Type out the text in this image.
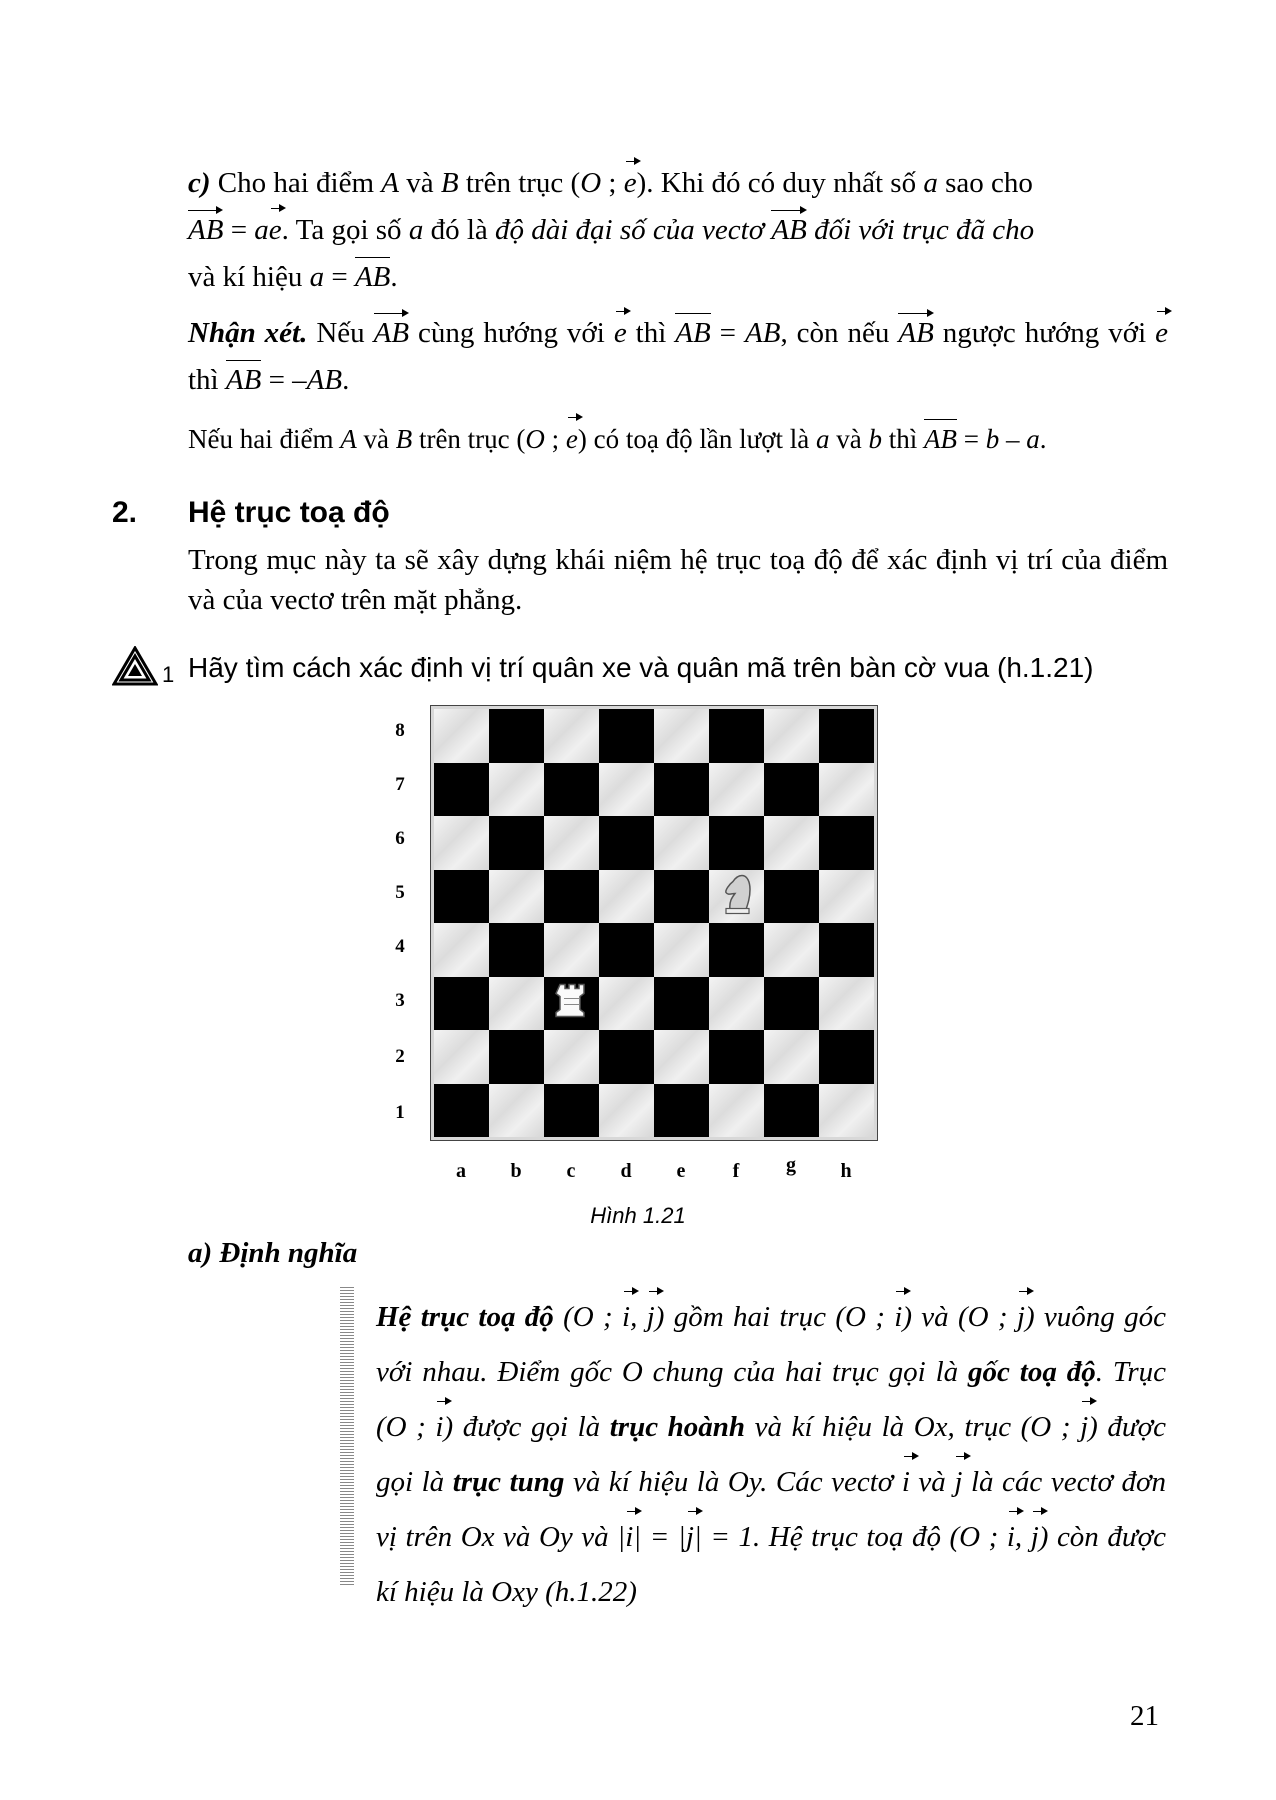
c) Cho hai điểm A và B trên trục (O ; e). Khi đó có duy nhất số a sao cho
AB = ae. Ta gọi số a đó là độ dài đại số của vectơ AB đối với trục đã cho
và kí hiệu a = AB.
Nhận xét. Nếu AB cùng hướng với e thì AB = AB, còn nếu AB ngược hướng với e thì AB = –AB.
Nếu hai điểm A và B trên trục (O ; e) có toạ độ lần lượt là a và b thì AB = b – a.
2. Hệ trục toạ độ
Trong mục này ta sẽ xây dựng khái niệm hệ trục toạ độ để xác định vị trí của điểm và của vectơ trên mặt phẳng.
1 Hãy tìm cách xác định vị trí quân xe và quân mã trên bàn cờ vua (h.1.21)
8
7
6
5
4
3
2
1
a	b	c	d	e	f	g	h
Hình 1.21
a) Định nghĩa
Hệ trục toạ độ (O ; i, j) gồm hai trục (O ; i) và (O ; j) vuông góc với nhau. Điểm gốc O chung của hai trục gọi là gốc toạ độ. Trục (O ; i) được gọi là trục hoành và kí hiệu là Ox, trục (O ; j) được gọi là trục tung và kí hiệu là Oy. Các vectơ i và j là các vectơ đơn vị trên Ox và Oy và |i| = |j| = 1. Hệ trục toạ độ (O ; i, j) còn được kí hiệu là Oxy (h.1.22)
21
